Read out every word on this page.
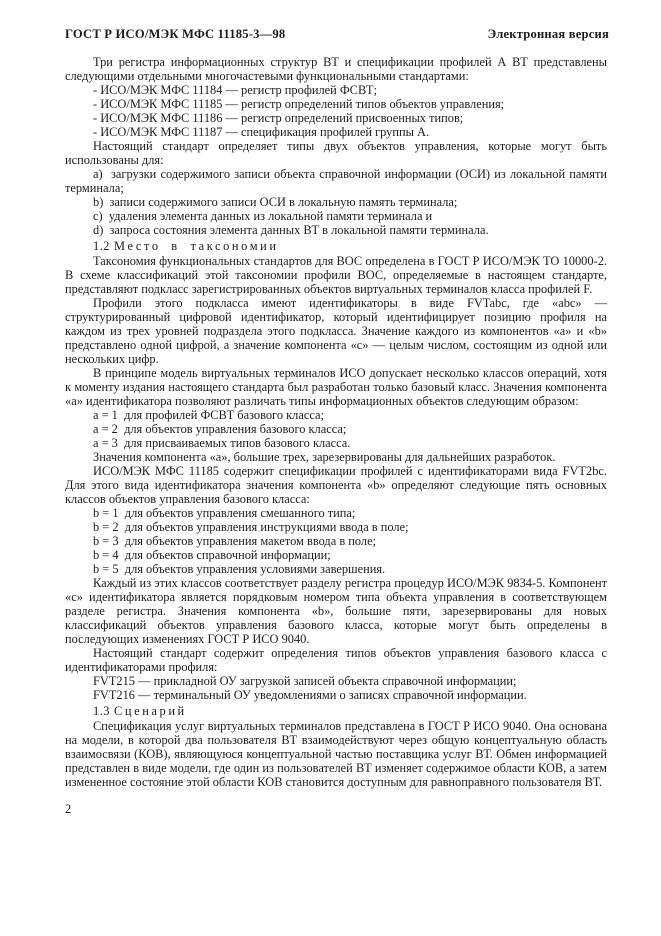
ГОСТ Р ИСО/МЭК МФС 11185-3—98	Электронная версия
Три регистра информационных структур ВТ и спецификации профилей А ВТ представлены следующими отдельными многочастевыми функциональными стандартами:
- ИСО/МЭК МФС 11184 — регистр профилей ФСВТ;
- ИСО/МЭК МФС 11185 — регистр определений типов объектов управления;
- ИСО/МЭК МФС 11186 — регистр определений присвоенных типов;
- ИСО/МЭК МФС 11187 — спецификация профилей группы А.
Настоящий стандарт определяет типы двух объектов управления, которые могут быть использованы для:
a)  загрузки содержимого записи объекта справочной информации (ОСИ) из локальной памяти терминала;
b)  записи содержимого записи ОСИ в локальную память терминала;
c)  удаления элемента данных из локальной памяти терминала и
d)  запроса состояния элемента данных ВТ в локальной памяти терминала.
1.2 Место в таксономии
Таксономия функциональных стандартов для ВОС определена в ГОСТ Р ИСО/МЭК ТО 10000-2. В схеме классификаций этой таксономии профили ВОС, определяемые в настоящем стандарте, представляют подкласс зарегистрированных объектов виртуальных терминалов класса профилей F.
Профили этого подкласса имеют идентификаторы в виде FVTabc, где «abc» — структурированный цифровой идентификатор, который идентифицирует позицию профиля на каждом из трех уровней подраздела этого подкласса. Значение каждого из компонентов «а» и «b» представлено одной цифрой, а значение компонента «с» — целым числом, состоящим из одной или нескольких цифр.
В принципе модель виртуальных терминалов ИСО допускает несколько классов операций, хотя к моменту издания настоящего стандарта был разработан только базовый класс. Значения компонента «а» идентификатора позволяют различать типы информационных объектов следующим образом:
a = 1  для профилей ФСВТ базового класса;
a = 2  для объектов управления базового класса;
a = 3  для присваиваемых типов базового класса.
Значения компонента «а», большие трех, зарезервированы для дальнейших разработок.
ИСО/МЭК МФС 11185 содержит спецификации профилей с идентификаторами вида FVT2bc. Для этого вида идентификатора значения компонента «b» определяют следующие пять основных классов объектов управления базового класса:
b = 1  для объектов управления смешанного типа;
b = 2  для объектов управления инструкциями ввода в поле;
b = 3  для объектов управления макетом ввода в поле;
b = 4  для объектов справочной информации;
b = 5  для объектов управления условиями завершения.
Каждый из этих классов соответствует разделу регистра процедур ИСО/МЭК 9834-5. Компонент «с» идентификатора является порядковым номером типа объекта управления в соответствующем разделе регистра. Значения компонента «b», большие пяти, зарезервированы для новых классификаций объектов управления базового класса, которые могут быть определены в последующих изменениях ГОСТ Р ИСО 9040.
Настоящий стандарт содержит определения типов объектов управления базового класса с идентификаторами профиля:
FVT215 — прикладной ОУ загрузкой записей объекта справочной информации;
FVT216 — терминальный ОУ уведомлениями о записях справочной информации.
1.3 Сценарий
Спецификация услуг виртуальных терминалов представлена в ГОСТ Р ИСО 9040. Она основана на модели, в которой два пользователя ВТ взаимодействуют через общую концептуальную область взаимосвязи (КОВ), являющуюся концептуальной частью поставщика услуг ВТ. Обмен информацией представлен в виде модели, где один из пользователей ВТ изменяет содержимое области КОВ, а затем измененное состояние этой области КОВ становится доступным для равноправного пользователя ВТ.
2
